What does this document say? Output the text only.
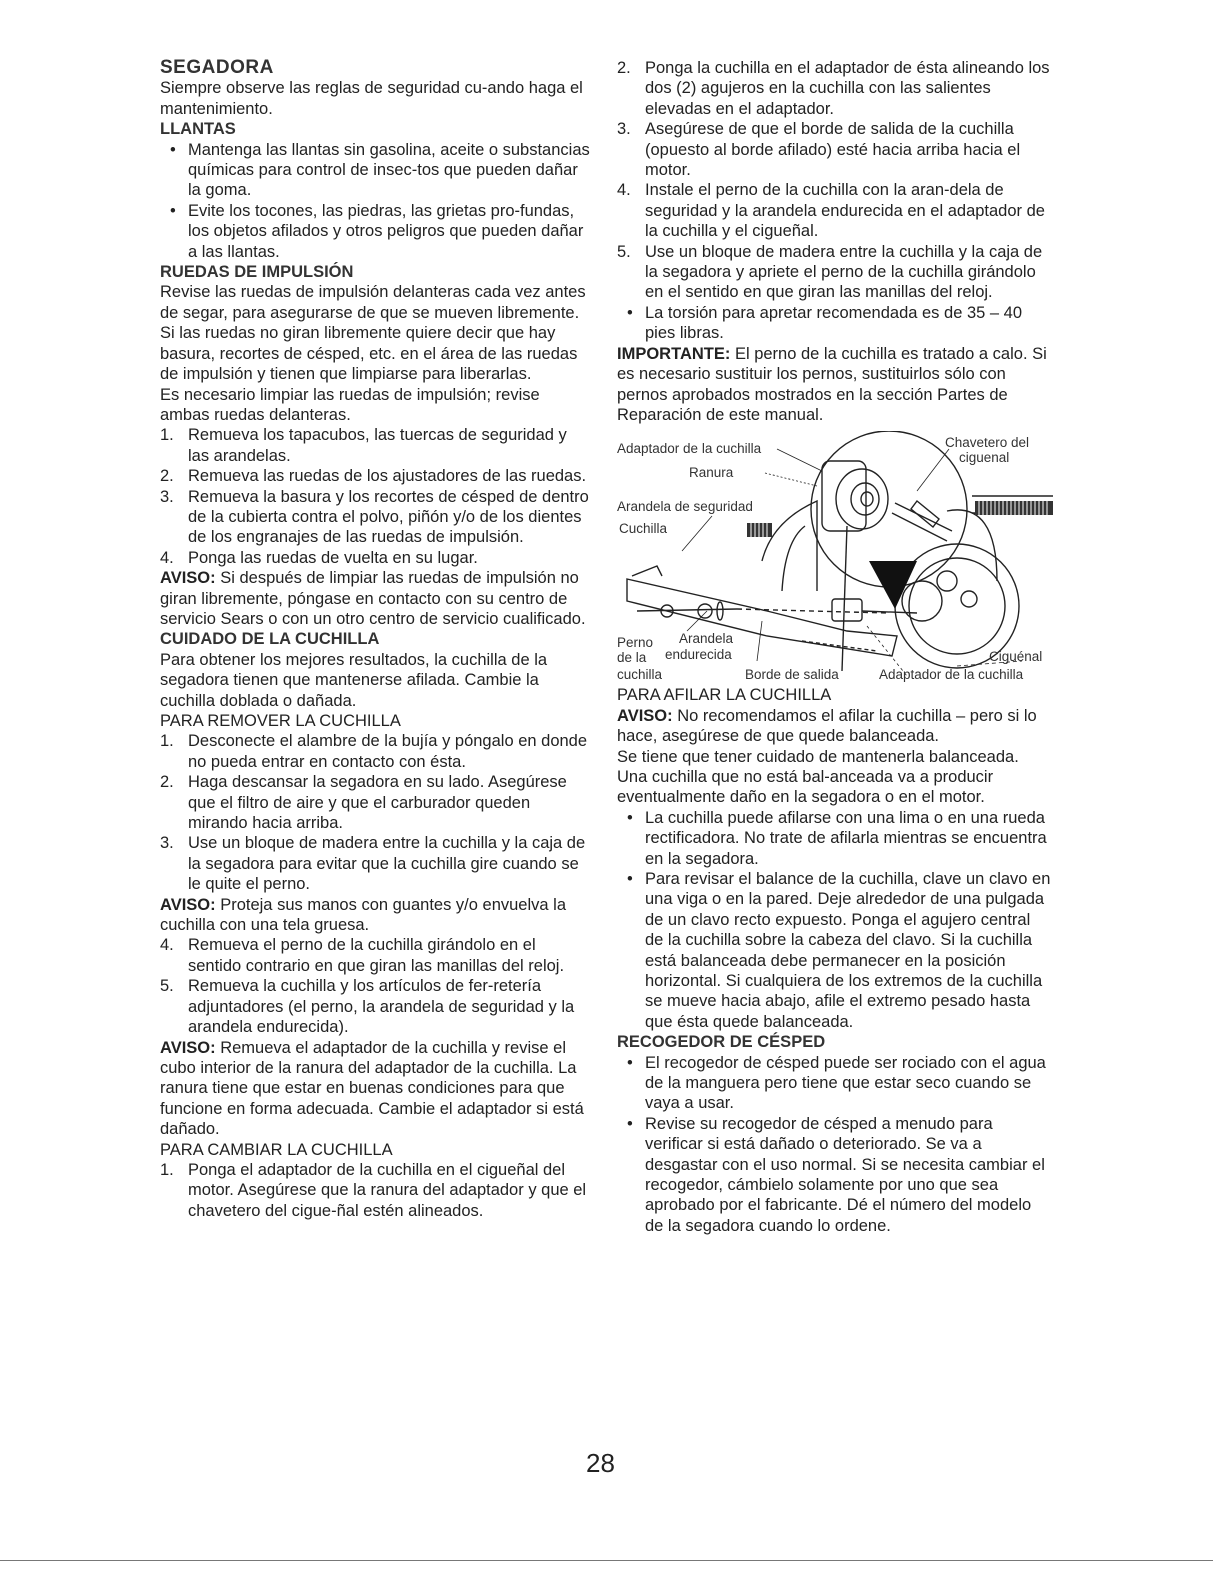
SEGADORA

Siempre observe las reglas de seguridad cu-ando haga el mantenimiento.

LLANTAS
• Mantenga las llantas sin gasolina, aceite o substancias químicas para control de insec-tos que pueden dañar la goma.
• Evite los tocones, las piedras, las grietas pro-fundas, los objetos afilados y otros peligros que pueden dañar a las llantas.
RUEDAS DE IMPULSIÓN

Revise las ruedas de impulsión delanteras cada vez antes de segar, para asegurarse de que se mueven libremente.

Si las ruedas no giran libremente quiere decir que hay basura, recortes de césped, etc. en el área de las ruedas de impulsión y tienen que limpiarse para liberarlas.

Es necesario limpiar las ruedas de impulsión; revise ambas ruedas delanteras.

1. Remueva los tapacubos, las tuercas de seguridad y las arandelas.
2. Remueva las ruedas de los ajustadores de las ruedas.
3. Remueva la basura y los recortes de césped de dentro de la cubierta contra el polvo, piñón y/o de los dientes de los engranajes de las ruedas de impulsión.
4. Ponga las ruedas de vuelta en su lugar.

AVISO: Si después de limpiar las ruedas de impulsión no giran libremente, póngase en contacto con su centro de servicio Sears o con un otro centro de servicio cualificado.

CUIDADO DE LA CUCHILLA

Para obtener los mejores resultados, la cuchilla de la segadora tienen que mantenerse afilada. Cambie la cuchilla doblada o dañada.

PARA REMOVER LA CUCHILLA
1. Desconecte el alambre de la bujía y póngalo en donde no pueda entrar en contacto con ésta.
2. Haga descansar la segadora en su lado. Asegúrese que el filtro de aire y que el carburador queden mirando hacia arriba.
3. Use un bloque de madera entre la cuchilla y la caja de la segadora para evitar que la cuchilla gire cuando se le quite el perno.

AVISO: Proteja sus manos con guantes y/o envuelva la cuchilla con una tela gruesa.

4. Remueva el perno de la cuchilla girándolo en el sentido contrario en que giran las manillas del reloj.
5. Remueva la cuchilla y los artículos de fer-retería adjuntadores (el perno, la arandela de seguridad y la arandela endurecida).

AVISO: Remueva el adaptador de la cuchilla y revise el cubo interior de la ranura del adaptador de la cuchilla. La ranura tiene que estar en buenas condiciones para que funcione en forma adecuada. Cambie el adaptador si está dañado.

PARA CAMBIAR LA CUCHILLA
1. Ponga el adaptador de la cuchilla en el cigueñal del motor. Asegúrese que la ranura del adaptador y que el chavetero del cigue-ñal estén alineados.
2. Ponga la cuchilla en el adaptador de ésta alineando los dos (2) agujeros en la cuchilla con las salientes elevadas en el adaptador.
3. Asegúrese de que el borde de salida de la cuchilla (opuesto al borde afilado) esté hacia arriba hacia el motor.
4. Instale el perno de la cuchilla con la aran-dela de seguridad y la arandela endurecida en el adaptador de la cuchilla y el cigueñal.
5. Use un bloque de madera entre la cuchilla y la caja de la segadora y apriete el perno de la cuchilla girándolo en el sentido en que giran las manillas del reloj.
• La torsión para apretar recomendada es de 35 – 40 pies libras.

IMPORTANTE: El perno de la cuchilla es tratado a calo. Si es necesario sustituir los pernos, sustituirlos sólo con pernos aprobados mostrados en la sección Partes de Reparación de este manual.

Adaptador de la cuchilla
Ranura
Chavetero del
ciguenal
Arandela de seguridad
Cuchilla
Perno
de la
cuchilla
Arandela
endurecida
Borde de salida	Adaptador de la cuchilla
Ciguénal
PARA AFILAR LA CUCHILLA

AVISO: No recomendamos el afilar la cuchilla – pero si lo hace, asegúrese de que quede balanceada.

Se tiene que tener cuidado de mantenerla balanceada. Una cuchilla que no está bal-anceada va a producir eventualmente daño en la segadora o en el motor.

• La cuchilla puede afilarse con una lima o en una rueda rectificadora. No trate de afilarla mientras se encuentra en la segadora.
• Para revisar el balance de la cuchilla, clave un clavo en una viga o en la pared. Deje alrededor de una pulgada de un clavo recto expuesto. Ponga el agujero central de la cuchilla sobre la cabeza del clavo. Si la cuchilla está balanceada debe permanecer en la posición horizontal. Si cualquiera de los extremos de la cuchilla se mueve hacia abajo, afile el extremo pesado hasta que ésta quede balanceada.
RECOGEDOR DE CÉSPED
• El recogedor de césped puede ser rociado con el agua de la manguera pero tiene que estar seco cuando se vaya a usar.
• Revise su recogedor de césped a menudo para verificar si está dañado o deteriorado. Se va a desgastar con el uso normal. Si se necesita cambiar el recogedor, cámbielo solamente por uno que sea aprobado por el fabricante. Dé el número del modelo de la segadora cuando lo ordene.
28
